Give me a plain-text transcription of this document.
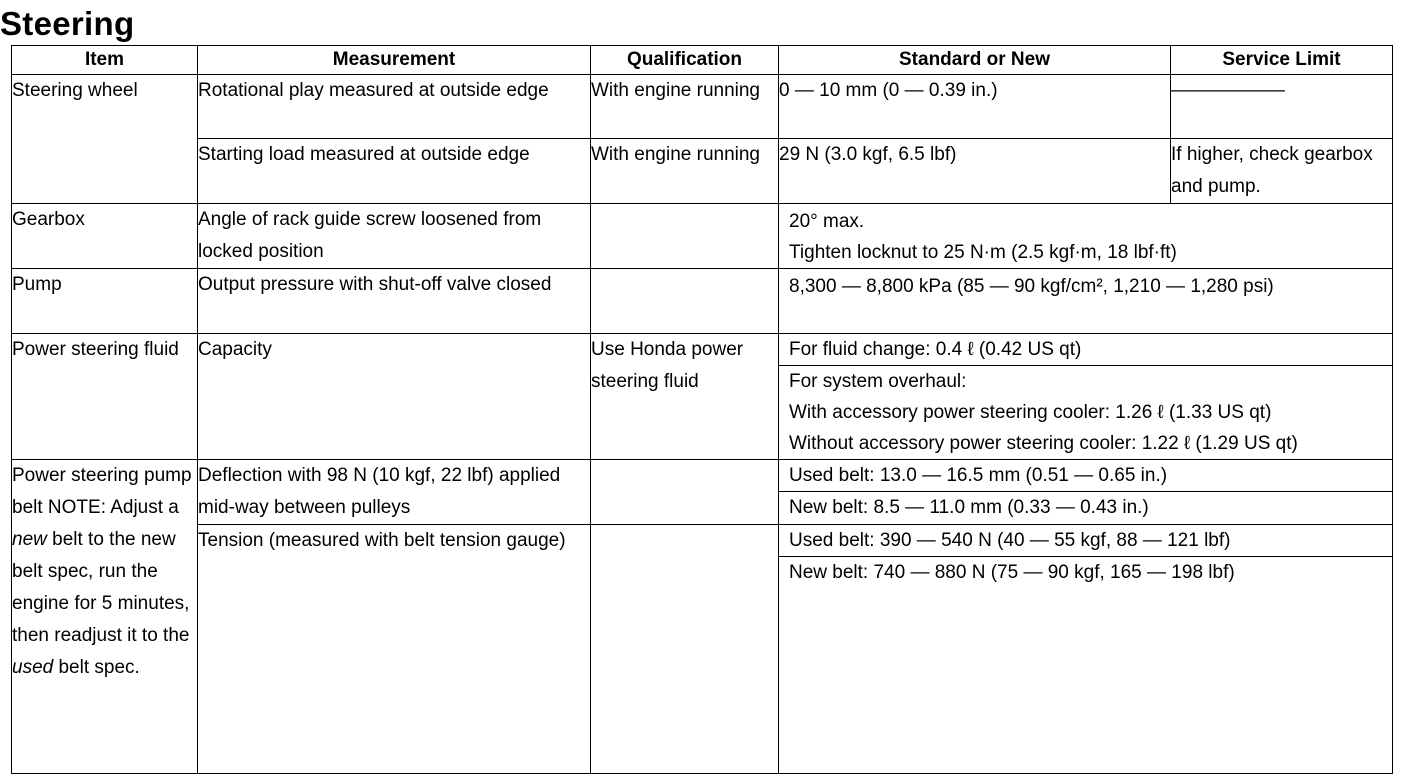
Steering
Item	Measurement	Qualification	Standard or New	Service Limit
Steering wheel	Rotational play measured at outside edge	With engine running	0 — 10 mm (0 — 0.39 in.)	——————
	Starting load measured at outside edge	With engine running	29 N (3.0 kgf, 6.5 lbf)	If higher, check gearbox and pump.
Gearbox	Angle of rack guide screw loosened from locked position		20° max.
Tighten locknut to 25 N·m (2.5 kgf·m, 18 lbf·ft)	

Pump	Output pressure with shut-off valve closed		8,300 — 8,800 kPa (85 — 90 kgf/cm², 1,210 — 1,280 psi)	

Power steering fluid	Capacity	Use Honda power steering fluid	For fluid change: 0.4 ℓ (0.42 US qt)
For system overhaul:
With accessory power steering cooler: 1.26 ℓ (1.33 US qt)
Without accessory power steering cooler: 1.22 ℓ (1.29 US qt)	

Power steering pump belt NOTE: Adjust a new belt to the new belt spec, run the engine for 5 minutes, then readjust it to the used belt spec.	Deflection with 98 N (10 kgf, 22 lbf) applied mid-way between pulleys		Used belt: 13.0 — 16.5 mm (0.51 — 0.65 in.)
New belt: 8.5 — 11.0 mm (0.33 — 0.43 in.)	

	Tension (measured with belt tension gauge)		Used belt: 390 — 540 N (40 — 55 kgf, 88 — 121 lbf)
New belt: 740 — 880 N (75 — 90 kgf, 165 — 198 lbf)	
